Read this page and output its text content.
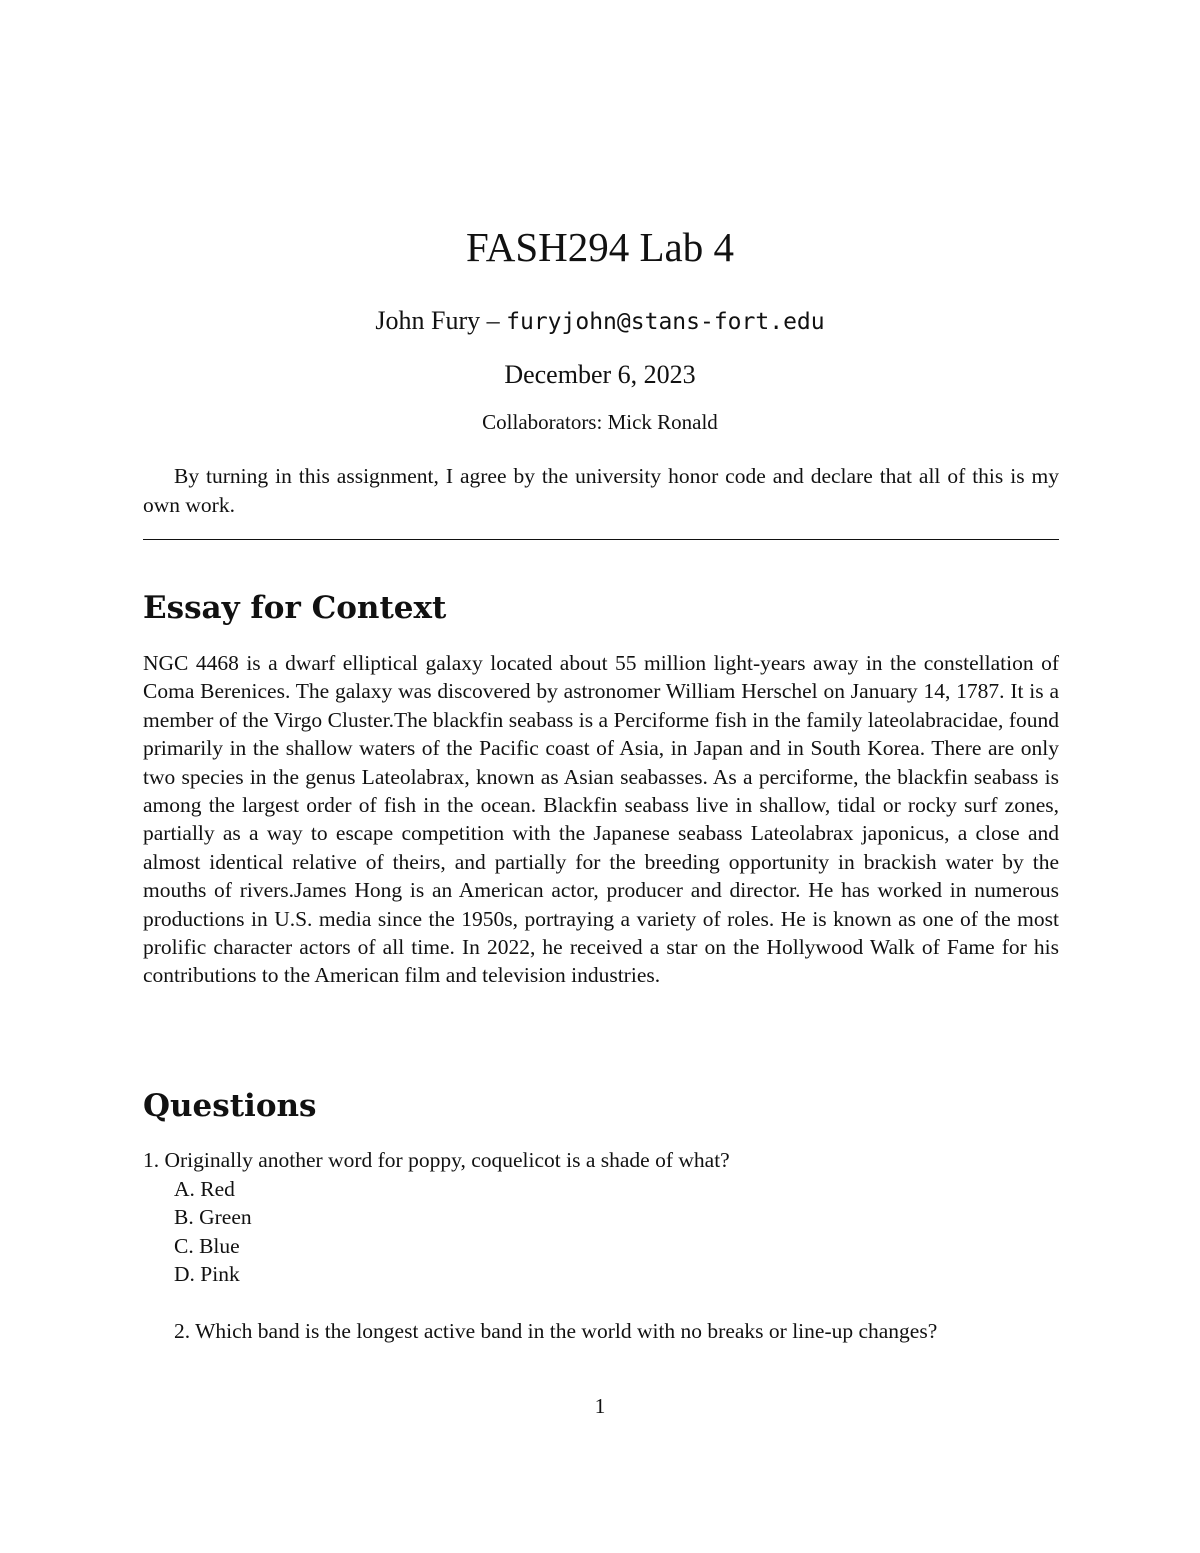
FASH294 Lab 4
John Fury – furyjohn@stans-fort.edu
December 6, 2023
Collaborators: Mick Ronald

By turning in this assignment, I agree by the university honor code and declare that all of this is my own work.

Essay for Context

NGC 4468 is a dwarf elliptical galaxy located about 55 million light-years away in the constellation of Coma Berenices. The galaxy was discovered by astronomer William Herschel on January 14, 1787. It is a member of the Virgo Cluster.The blackfin seabass is a Perciforme fish in the family lateolabracidae, found primarily in the shallow waters of the Pacific coast of Asia, in Japan and in South Korea. There are only two species in the genus Lateolabrax, known as Asian seabasses. As a perciforme, the blackfin seabass is among the largest order of fish in the ocean. Blackfin seabass live in shallow, tidal or rocky surf zones, partially as a way to escape competition with the Japanese seabass Lateolabrax japonicus, a close and almost identical relative of theirs, and partially for the breeding opportunity in brackish water by the mouths of rivers.James Hong is an American actor, producer and director. He has worked in numerous productions in U.S. media since the 1950s, portraying a variety of roles. He is known as one of the most prolific character actors of all time. In 2022, he received a star on the Hollywood Walk of Fame for his contributions to the American film and television industries.

Questions
1. Originally another word for poppy, coquelicot is a shade of what?
A. Red
B. Green
C. Blue
D. Pink
2. Which band is the longest active band in the world with no breaks or line-up changes?
1
